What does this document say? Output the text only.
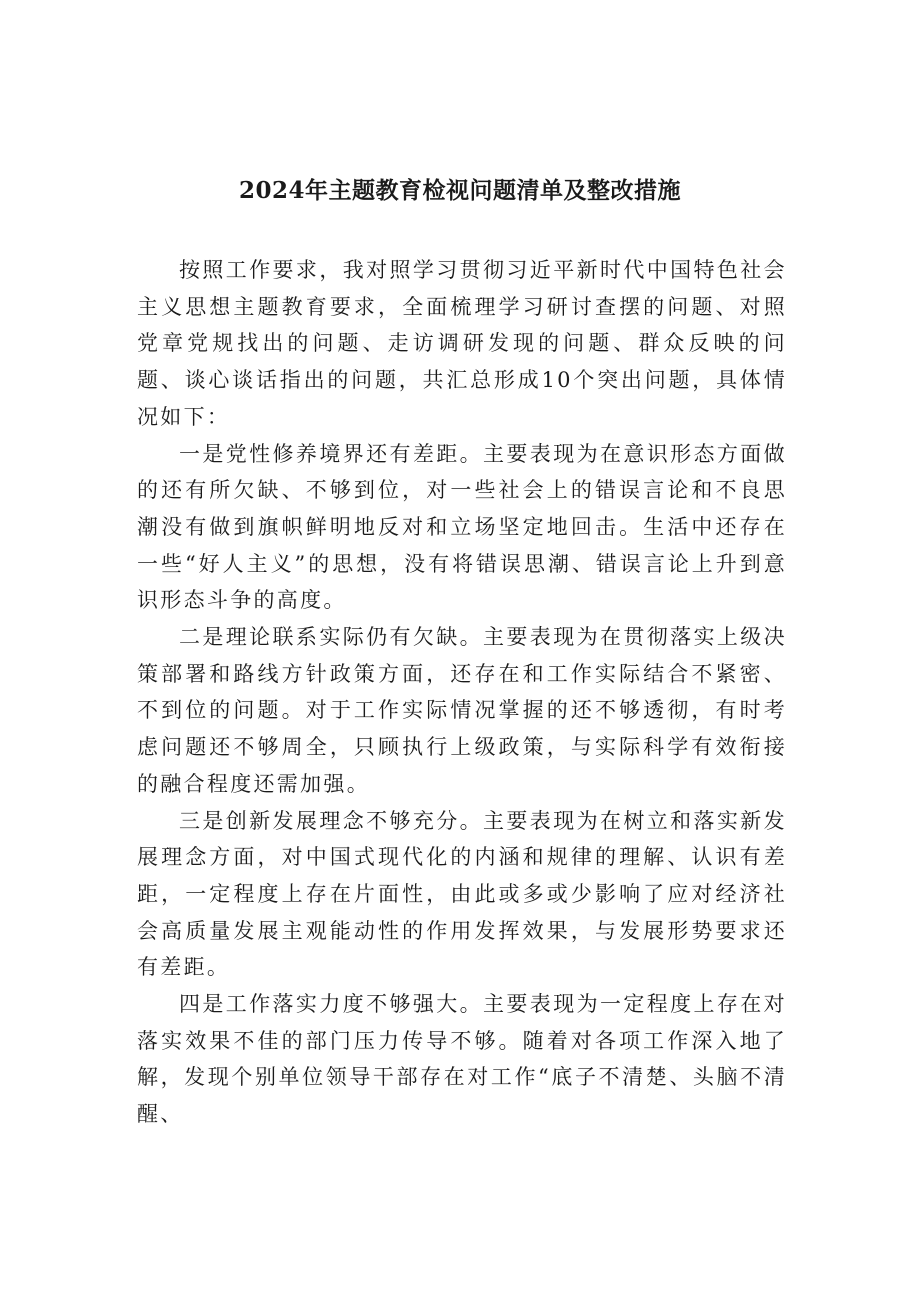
2024年主题教育检视问题清单及整改措施

按照工作要求，我对照学习贯彻习近平新时代中国特色社会主义思想主题教育要求，全面梳理学习研讨查摆的问题、对照党章党规找出的问题、走访调研发现的问题、群众反映的问题、谈心谈话指出的问题，共汇总形成10个突出问题，具体情况如下：

一是党性修养境界还有差距。主要表现为在意识形态方面做的还有所欠缺、不够到位，对一些社会上的错误言论和不良思潮没有做到旗帜鲜明地反对和立场坚定地回击。生活中还存在一些“好人主义”的思想，没有将错误思潮、错误言论上升到意识形态斗争的高度。

二是理论联系实际仍有欠缺。主要表现为在贯彻落实上级决策部署和路线方针政策方面，还存在和工作实际结合不紧密、不到位的问题。对于工作实际情况掌握的还不够透彻，有时考虑问题还不够周全，只顾执行上级政策，与实际科学有效衔接的融合程度还需加强。

三是创新发展理念不够充分。主要表现为在树立和落实新发展理念方面，对中国式现代化的内涵和规律的理解、认识有差距，一定程度上存在片面性，由此或多或少影响了应对经济社会高质量发展主观能动性的作用发挥效果，与发展形势要求还有差距。

四是工作落实力度不够强大。主要表现为一定程度上存在对落实效果不佳的部门压力传导不够。随着对各项工作深入地了解，发现个别单位领导干部存在对工作“底子不清楚、头脑不清醒、
